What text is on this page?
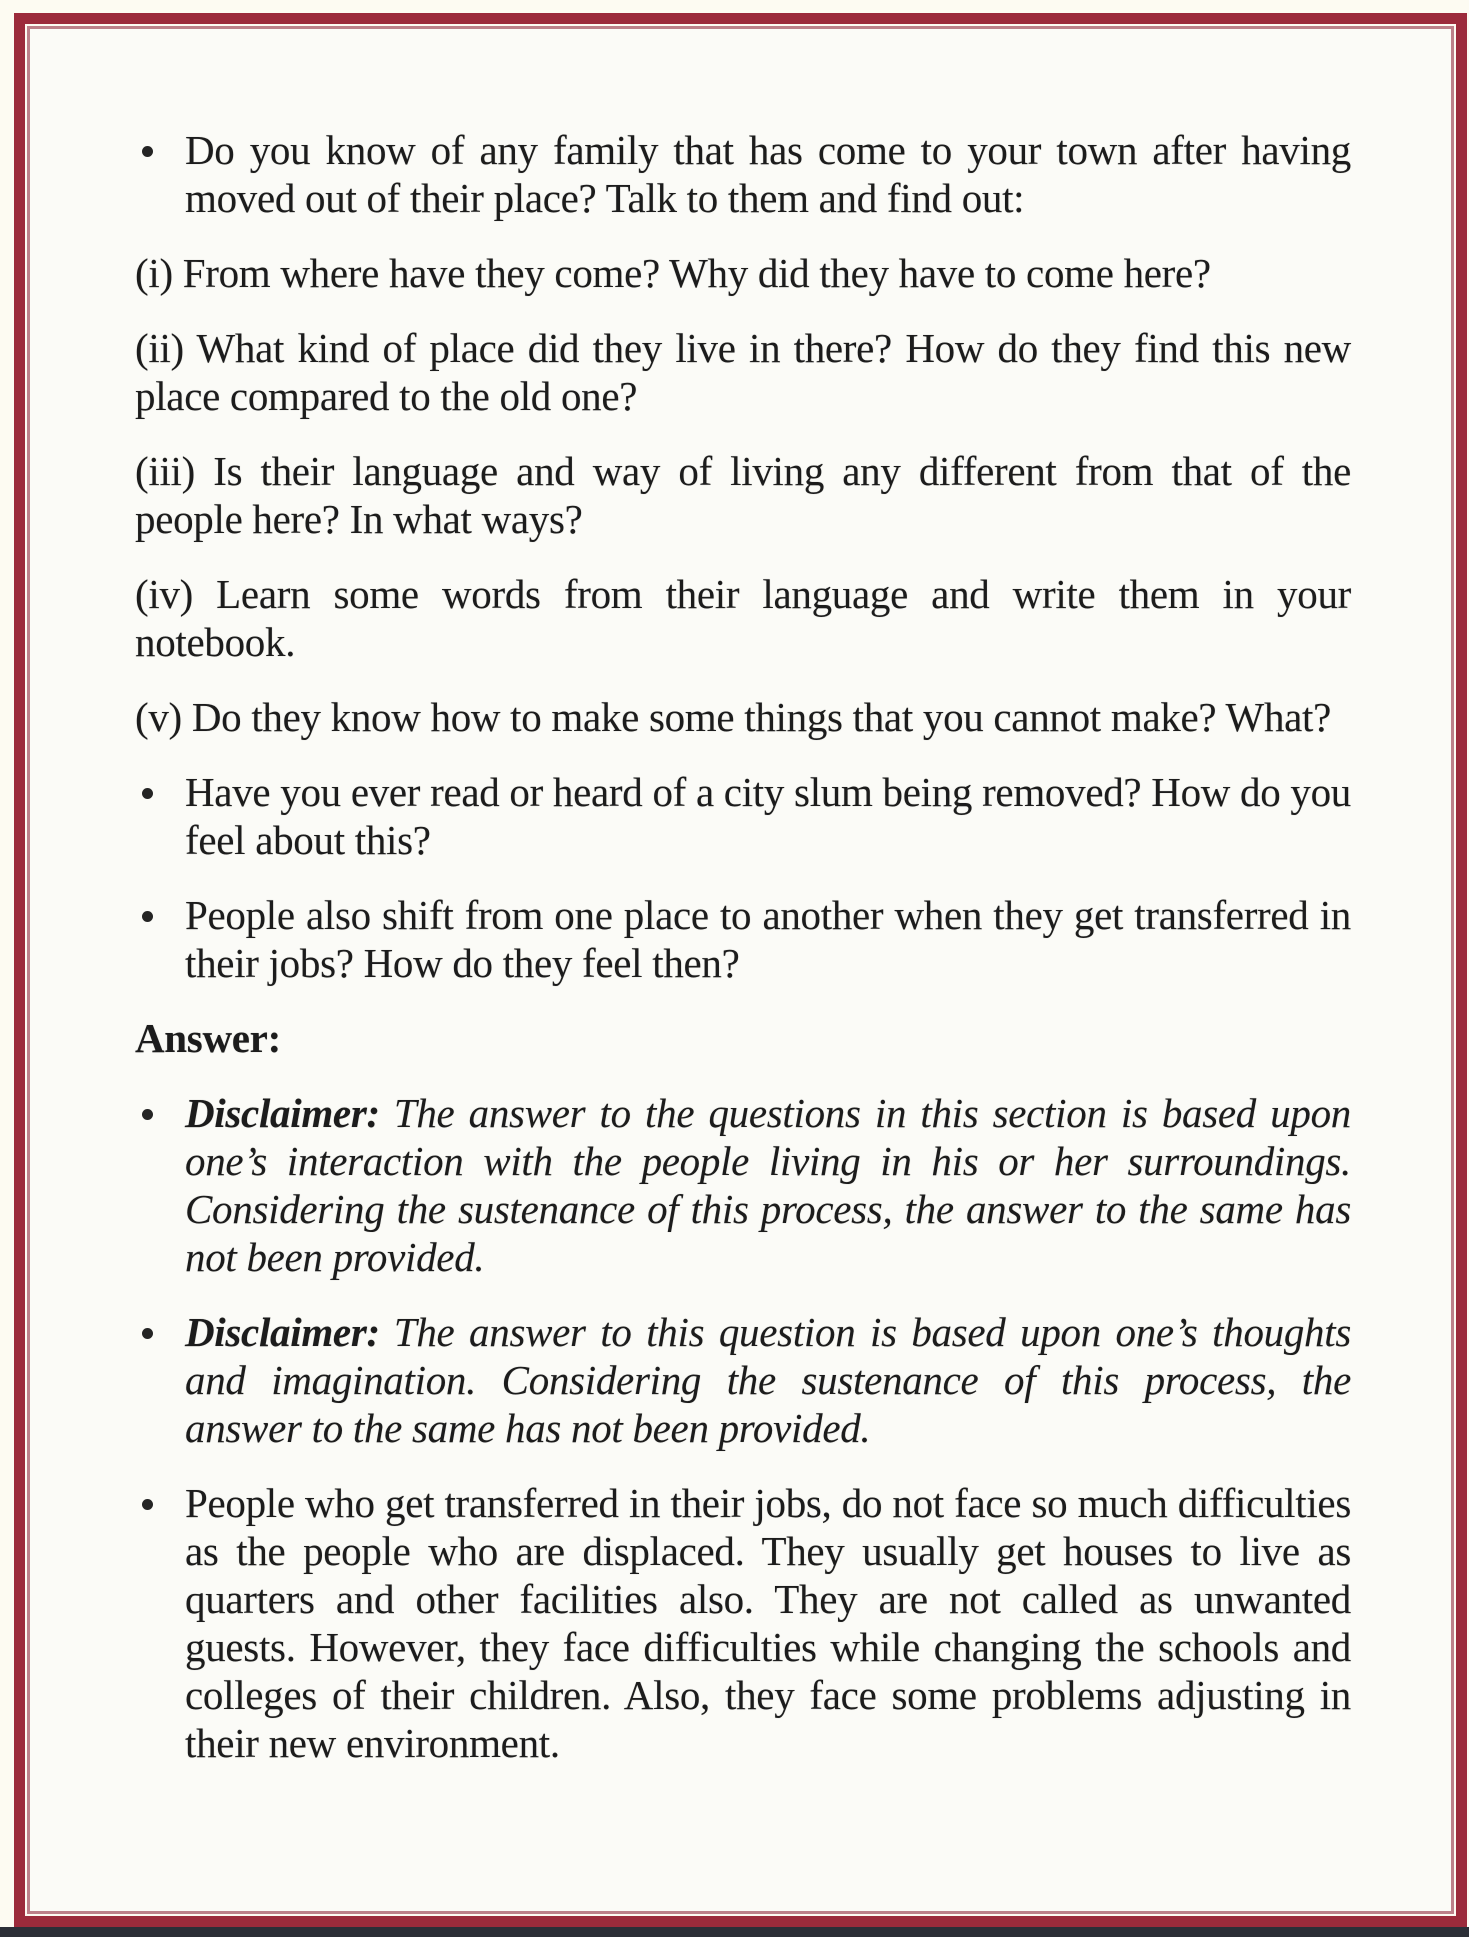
Do you know of any family that has come to your town after having moved out of their place? Talk to them and find out:
(i) From where have they come? Why did they have to come here?
(ii) What kind of place did they live in there? How do they find this new place compared to the old one?
(iii) Is their language and way of living any different from that of the people here? In what ways?
(iv) Learn some words from their language and write them in your notebook.
(v) Do they know how to make some things that you cannot make? What?
Have you ever read or heard of a city slum being removed? How do you feel about this?
People also shift from one place to another when they get transferred in their jobs? How do they feel then?
Answer:
Disclaimer: The answer to the questions in this section is based upon one’s interaction with the people living in his or her surroundings. Considering the sustenance of this process, the answer to the same has not been provided.
Disclaimer: The answer to this question is based upon one’s thoughts and imagination. Considering the sustenance of this process, the answer to the same has not been provided.
People who get transferred in their jobs, do not face so much difficulties as the people who are displaced. They usually get houses to live as quarters and other facilities also. They are not called as unwanted guests. However, they face difficulties while changing the schools and colleges of their children. Also, they face some problems adjusting in their new environment.
